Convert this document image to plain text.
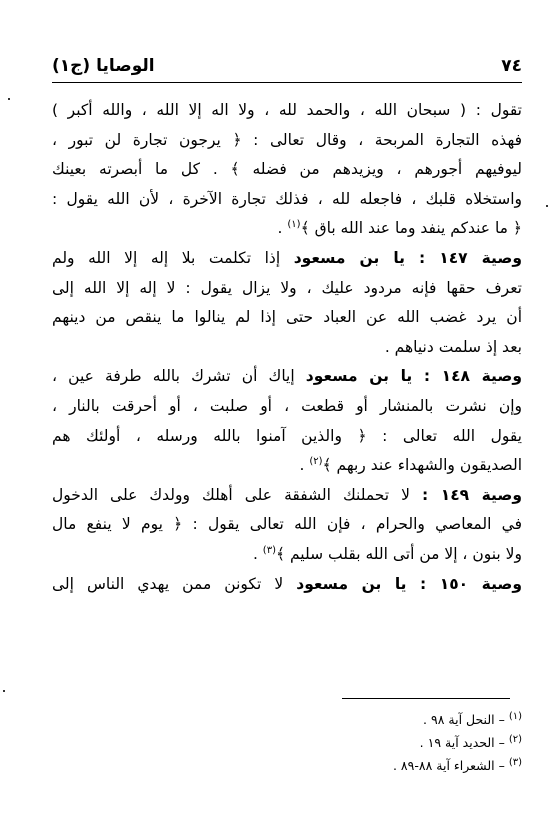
٧٤
الوصايا (ج١)
تقول : ( سبحان الله ، والحمد لله ، ولا اله إلا الله ، والله أكبر )
فهذه التجارة المربحة ، وقال تعالى : ﴿ يرجون تجارة لن تبور ،
ليوفيهم أجورهم ، ويزيدهم من فضله ﴾ . كل ما أبصرته بعينك
واستخلاه قلبك ، فاجعله لله ، فذلك تجارة الآخرة ، لأن الله يقول :
﴿ ما عندكم ينفد وما عند الله باق ﴾$^{(١)}$ .
وصية ١٤٧ : يا بن مسعود إذا تكلمت بلا إله إلا الله ولم
تعرف حقها فإنه مردود عليك ، ولا يزال يقول : لا إله إلا الله إلى
أن يرد غضب الله عن العباد حتى إذا لم ينالوا ما ينقص من دينهم
بعد إذ سلمت دنياهم .
وصية ١٤٨ : يا بن مسعود إياك أن تشرك بالله طرفة عين ،
وإن نشرت بالمنشار أو قطعت ، أو صلبت ، أو أحرقت بالنار ،
يقول الله تعالى : ﴿ والذين آمنوا بالله ورسله ، أولئك هم
الصديقون والشهداء عند ربهم ﴾$^{(٢)}$ .
وصية ١٤٩ : لا تحملنك الشفقة على أهلك وولدك على الدخول
في المعاصي والحرام ، فإن الله تعالى يقول : ﴿ يوم لا ينفع مال
ولا بنون ، إلا من أتى الله بقلب سليم ﴾$^{(٣)}$ .
وصية ١٥٠ : يا بن مسعود لا تكونن ممن يهدي الناس إلى
$^{(١)}$ – النحل آية ٩٨ .
$^{(٢)}$ – الحديد آية ١٩ .
$^{(٣)}$ – الشعراء آية ٨٨-٨٩ .
